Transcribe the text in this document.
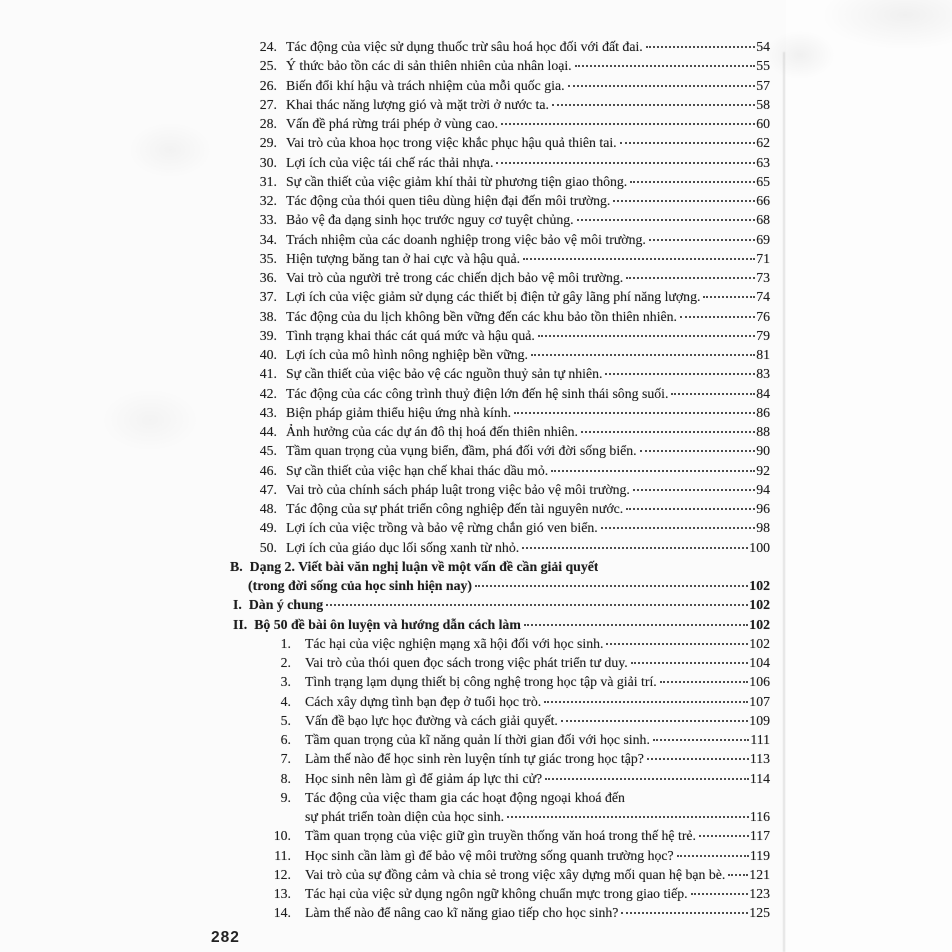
24. Tác động của việc sử dụng thuốc trừ sâu hoá học đối với đất đai.	54
25. Ý thức bảo tồn các di sản thiên nhiên của nhân loại.	55
26. Biến đổi khí hậu và trách nhiệm của mỗi quốc gia.	57
27. Khai thác năng lượng gió và mặt trời ở nước ta.	58
28. Vấn đề phá rừng trái phép ở vùng cao.	60
29. Vai trò của khoa học trong việc khắc phục hậu quả thiên tai.	62
30. Lợi ích của việc tái chế rác thải nhựa.	63
31. Sự cần thiết của việc giảm khí thải từ phương tiện giao thông.	65
32. Tác động của thói quen tiêu dùng hiện đại đến môi trường.	66
33. Bảo vệ đa dạng sinh học trước nguy cơ tuyệt chủng.	68
34. Trách nhiệm của các doanh nghiệp trong việc bảo vệ môi trường.	69
35. Hiện tượng băng tan ở hai cực và hậu quả.	71
36. Vai trò của người trẻ trong các chiến dịch bảo vệ môi trường.	73
37. Lợi ích của việc giảm sử dụng các thiết bị điện tử gây lãng phí năng lượng.	74
38. Tác động của du lịch không bền vững đến các khu bảo tồn thiên nhiên.	76
39. Tình trạng khai thác cát quá mức và hậu quả.	79
40. Lợi ích của mô hình nông nghiệp bền vững.	81
41. Sự cần thiết của việc bảo vệ các nguồn thuỷ sản tự nhiên.	83
42. Tác động của các công trình thuỷ điện lớn đến hệ sinh thái sông suối.	84
43. Biện pháp giảm thiểu hiệu ứng nhà kính.	86
44. Ảnh hưởng của các dự án đô thị hoá đến thiên nhiên.	88
45. Tầm quan trọng của vụng biển, đầm, phá đối với đời sống biển.	90
46. Sự cần thiết của việc hạn chế khai thác dầu mỏ.	92
47. Vai trò của chính sách pháp luật trong việc bảo vệ môi trường.	94
48. Tác động của sự phát triển công nghiệp đến tài nguyên nước.	96
49. Lợi ích của việc trồng và bảo vệ rừng chắn gió ven biển.	98
50. Lợi ích của giáo dục lối sống xanh từ nhỏ.	100
B. Dạng 2. Viết bài văn nghị luận về một vấn đề cần giải quyết
(trong đời sống của học sinh hiện nay)	102
I. Dàn ý chung	102
II. Bộ 50 đề bài ôn luyện và hướng dẫn cách làm	102
1.	Tác hại của việc nghiện mạng xã hội đối với học sinh.	102
2.	Vai trò của thói quen đọc sách trong việc phát triển tư duy.	104
3.	Tình trạng lạm dụng thiết bị công nghệ trong học tập và giải trí.	106
4.	Cách xây dựng tình bạn đẹp ở tuổi học trò.	107
5.	Vấn đề bạo lực học đường và cách giải quyết.	109
6.	Tầm quan trọng của kĩ năng quản lí thời gian đối với học sinh.	111
7.	Làm thế nào để học sinh rèn luyện tính tự giác trong học tập?	113
8.	Học sinh nên làm gì để giảm áp lực thi cử?	114
9.	Tác động của việc tham gia các hoạt động ngoại khoá đến
sự phát triển toàn diện của học sinh.	116
10.	Tầm quan trọng của việc giữ gìn truyền thống văn hoá trong thế hệ trẻ.	117
11.	Học sinh cần làm gì để bảo vệ môi trường sống quanh trường học?	119
12.	Vai trò của sự đồng cảm và chia sẻ trong việc xây dựng mối quan hệ bạn bè. 121
13.	Tác hại của việc sử dụng ngôn ngữ không chuẩn mực trong giao tiếp.	123
14.	Làm thế nào để nâng cao kĩ năng giao tiếp cho học sinh?	125
282
